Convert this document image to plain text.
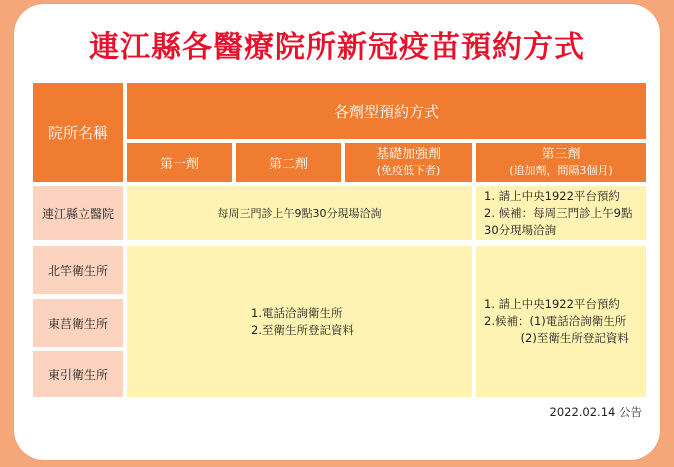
連江縣各醫療院所新冠疫苗預約方式
院所名稱
各劑型預約方式
第一劑	第二劑
基礎加強劑
(免疫低下者)
第三劑
(追加劑，間隔3個月)
連江縣立醫院	每周三門診上午9點30分現場洽詢
1. 請上中央1922平台預約
2. 候補：每周三門診上午9點
30分現場洽詢
北竿衛生所
東莒衛生所
東引衛生所
1.電話洽詢衛生所
2.至衛生所登記資料
1. 請上中央1922平台預約
2.候補：(1)電話洽詢衛生所
(2)至衛生所登記資料
2022.02.14 公告
